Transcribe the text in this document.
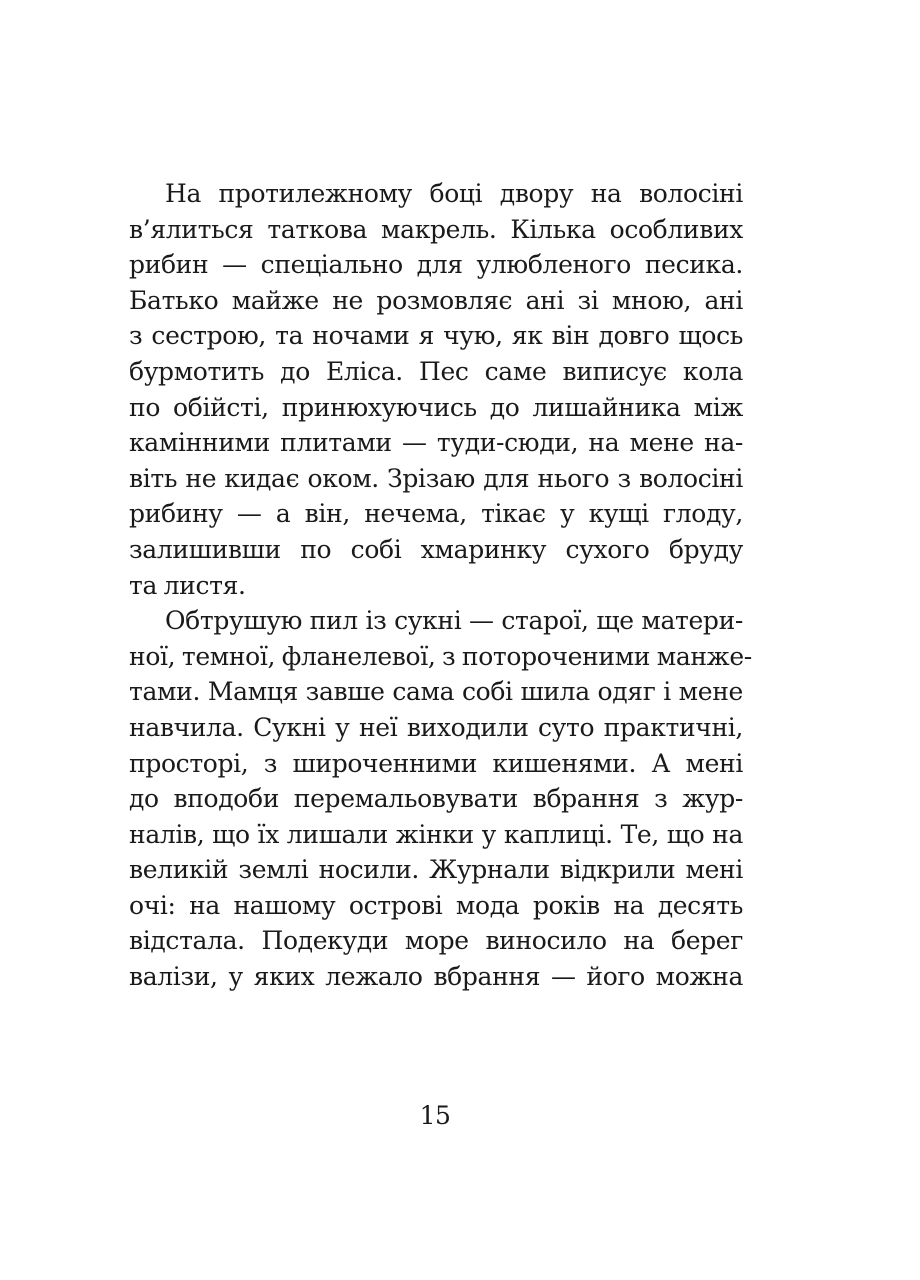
На протилежному боці двору на волосіні
в’ялиться таткова макрель. Кілька особливих
рибин — спеціально для улюбленого песика.
Батько майже не розмовляє ані зі мною, ані
з сестрою, та ночами я чую, як він довго щось
бурмотить до Еліса. Пес саме виписує кола
по обійсті, принюхуючись до лишайника між
камінними плитами — туди-сюди, на мене на-
віть не кидає оком. Зрізаю для нього з волосіні
рибину — а він, нечема, тікає у кущі глоду,
залишивши по собі хмаринку сухого бруду
та листя.
Обтрушую пил із сукні — старої, ще матери-
ної, темної, фланелевої, з потороченими манже-
тами. Мамця завше сама собі шила одяг і мене
навчила. Сукні у неї виходили суто практичні,
просторі, з широченними кишенями. А мені
до вподоби перемальовувати вбрання з жур-
налів, що їх лишали жінки у каплиці. Те, що на
великій землі носили. Журнали відкрили мені
очі: на нашому острові мода років на десять
відстала. Подекуди море виносило на берег
валізи, у яких лежало вбрання — його можна
15
